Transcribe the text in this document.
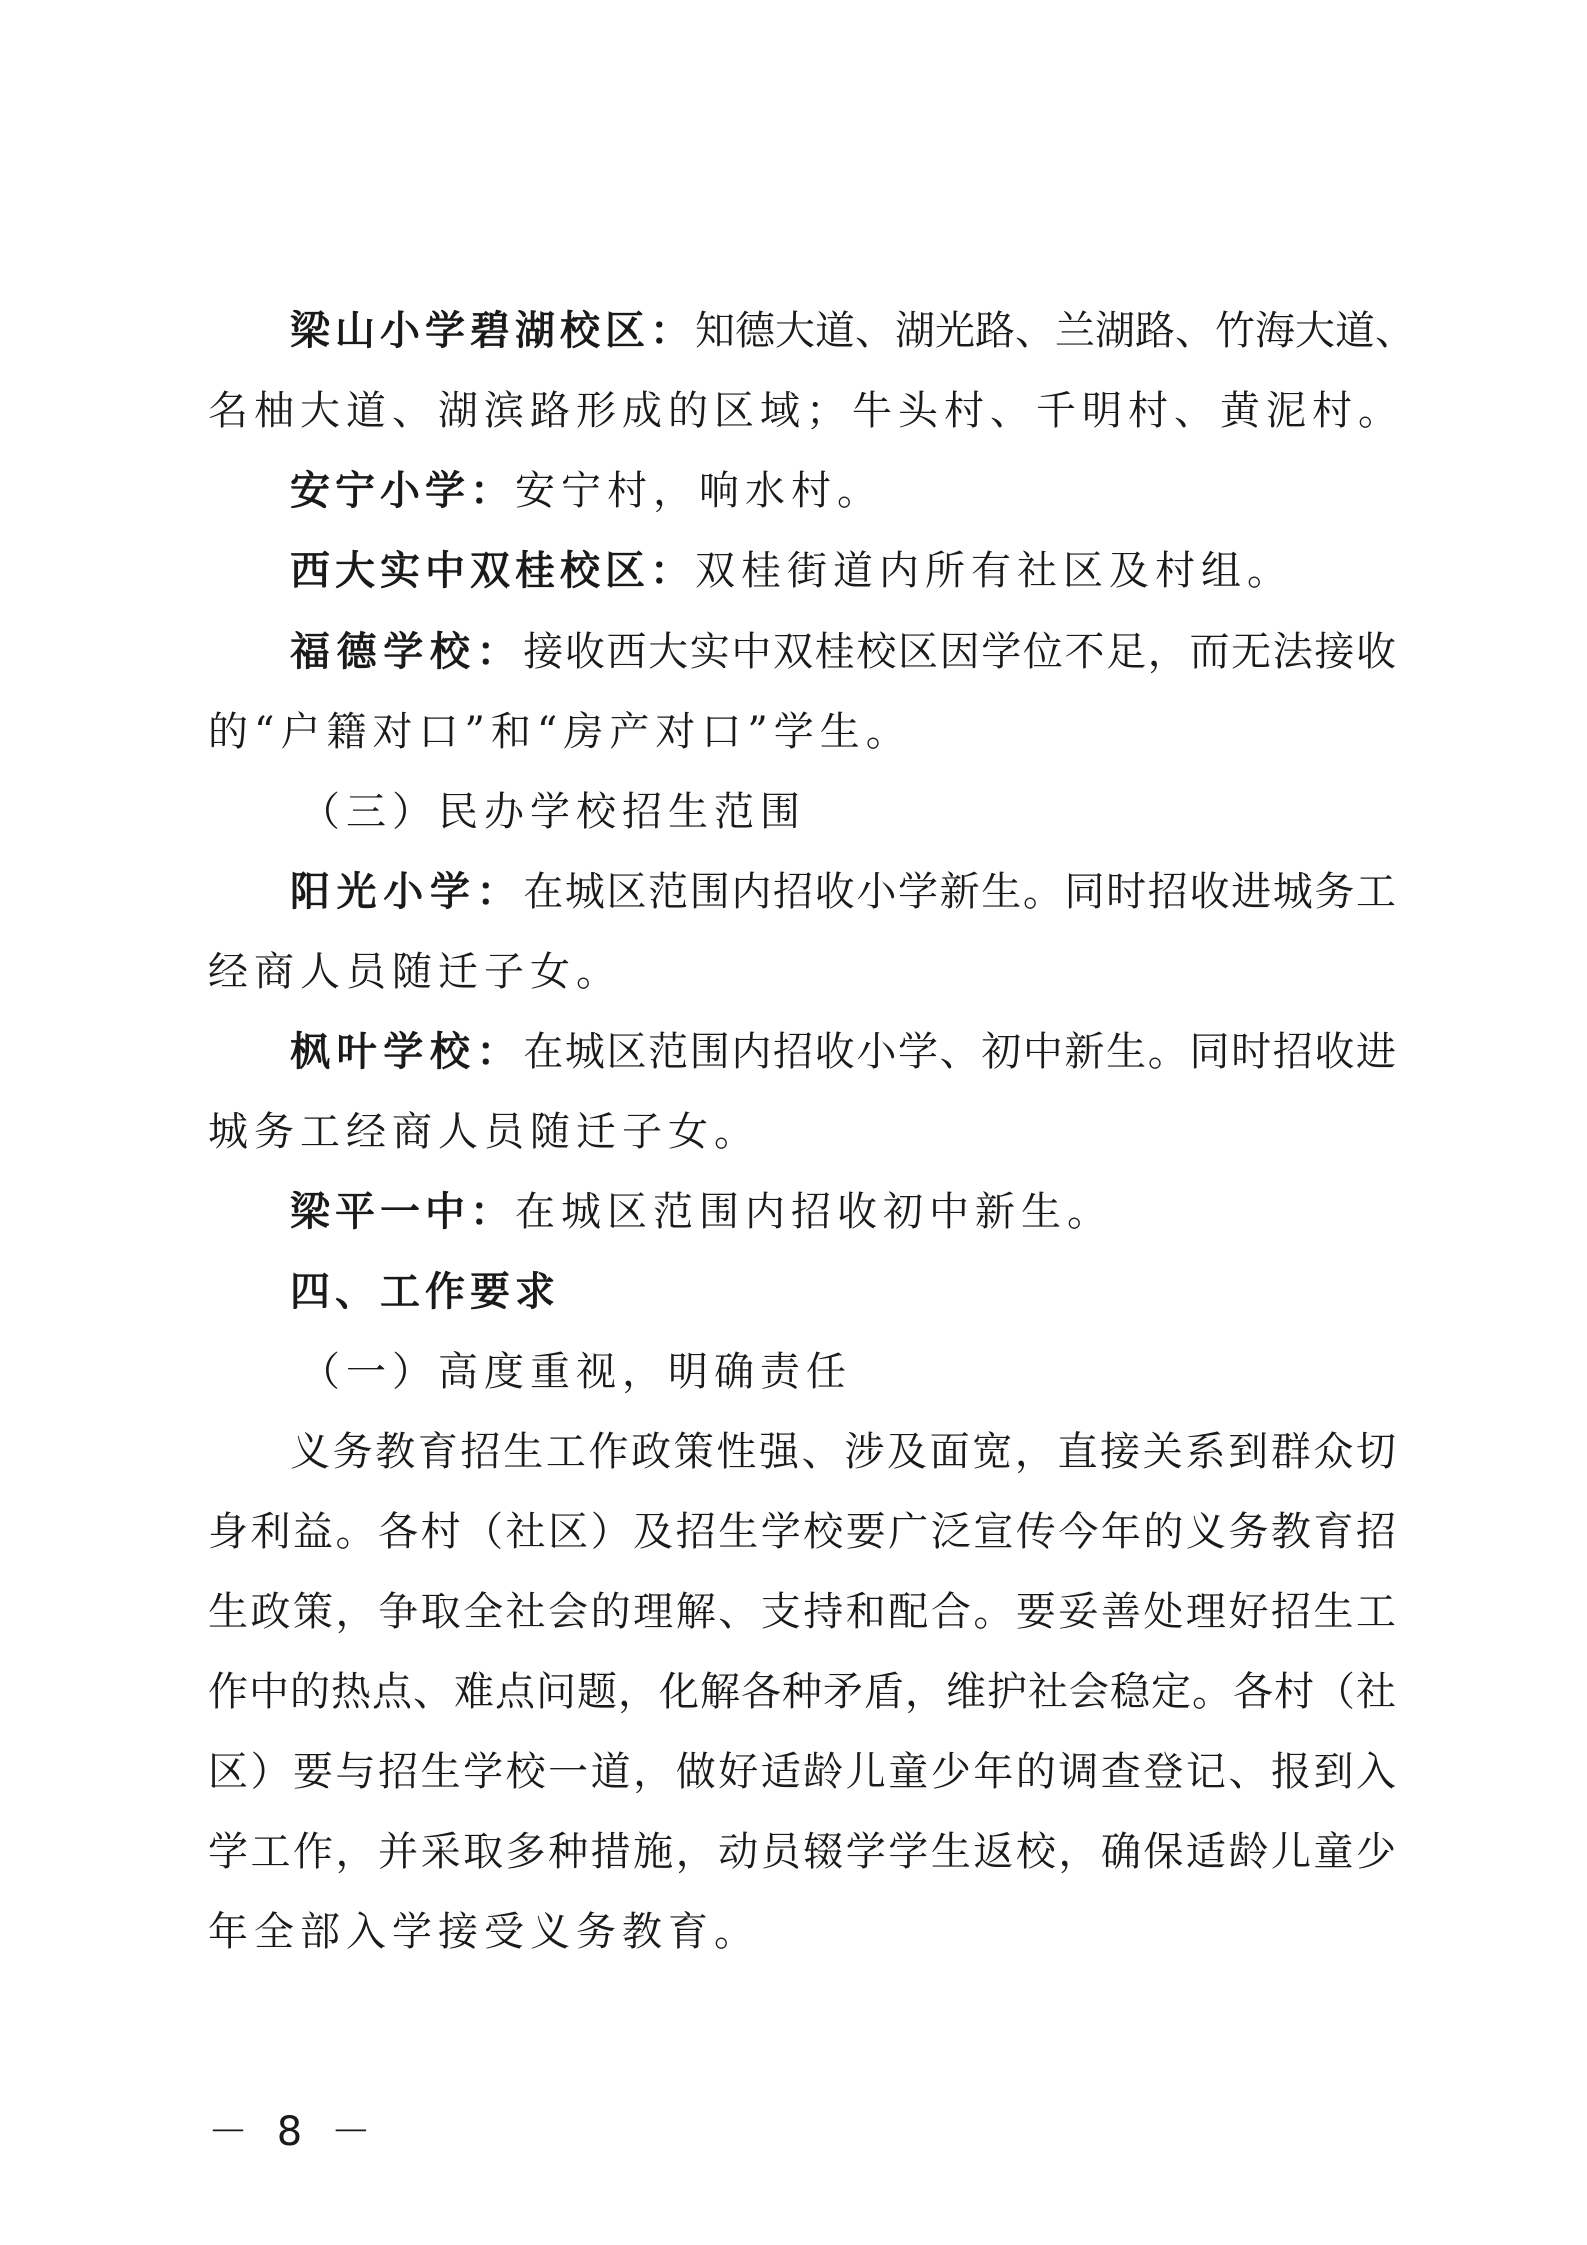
梁山小学碧湖校区：知德大道、湖光路、兰湖路、竹海大道、
名柚大道、湖滨路形成的区域；牛头村、千明村、黄泥村。
安宁小学：安宁村，响水村。
西大实中双桂校区：双桂街道内所有社区及村组。
福德学校：接收西大实中双桂校区因学位不足，而无法接收
的“户籍对口”和“房产对口”学生。
（三）民办学校招生范围
阳光小学：在城区范围内招收小学新生。同时招收进城务工
经商人员随迁子女。
枫叶学校：在城区范围内招收小学、初中新生。同时招收进
城务工经商人员随迁子女。
梁平一中：在城区范围内招收初中新生。
四、工作要求
（一）高度重视，明确责任
义务教育招生工作政策性强、涉及面宽，直接关系到群众切
身利益。各村（社区）及招生学校要广泛宣传今年的义务教育招
生政策，争取全社会的理解、支持和配合。要妥善处理好招生工
作中的热点、难点问题，化解各种矛盾，维护社会稳定。各村（社
区）要与招生学校一道，做好适龄儿童少年的调查登记、报到入
学工作，并采取多种措施，动员辍学学生返校，确保适龄儿童少
年全部入学接受义务教育。
－ 8 －
